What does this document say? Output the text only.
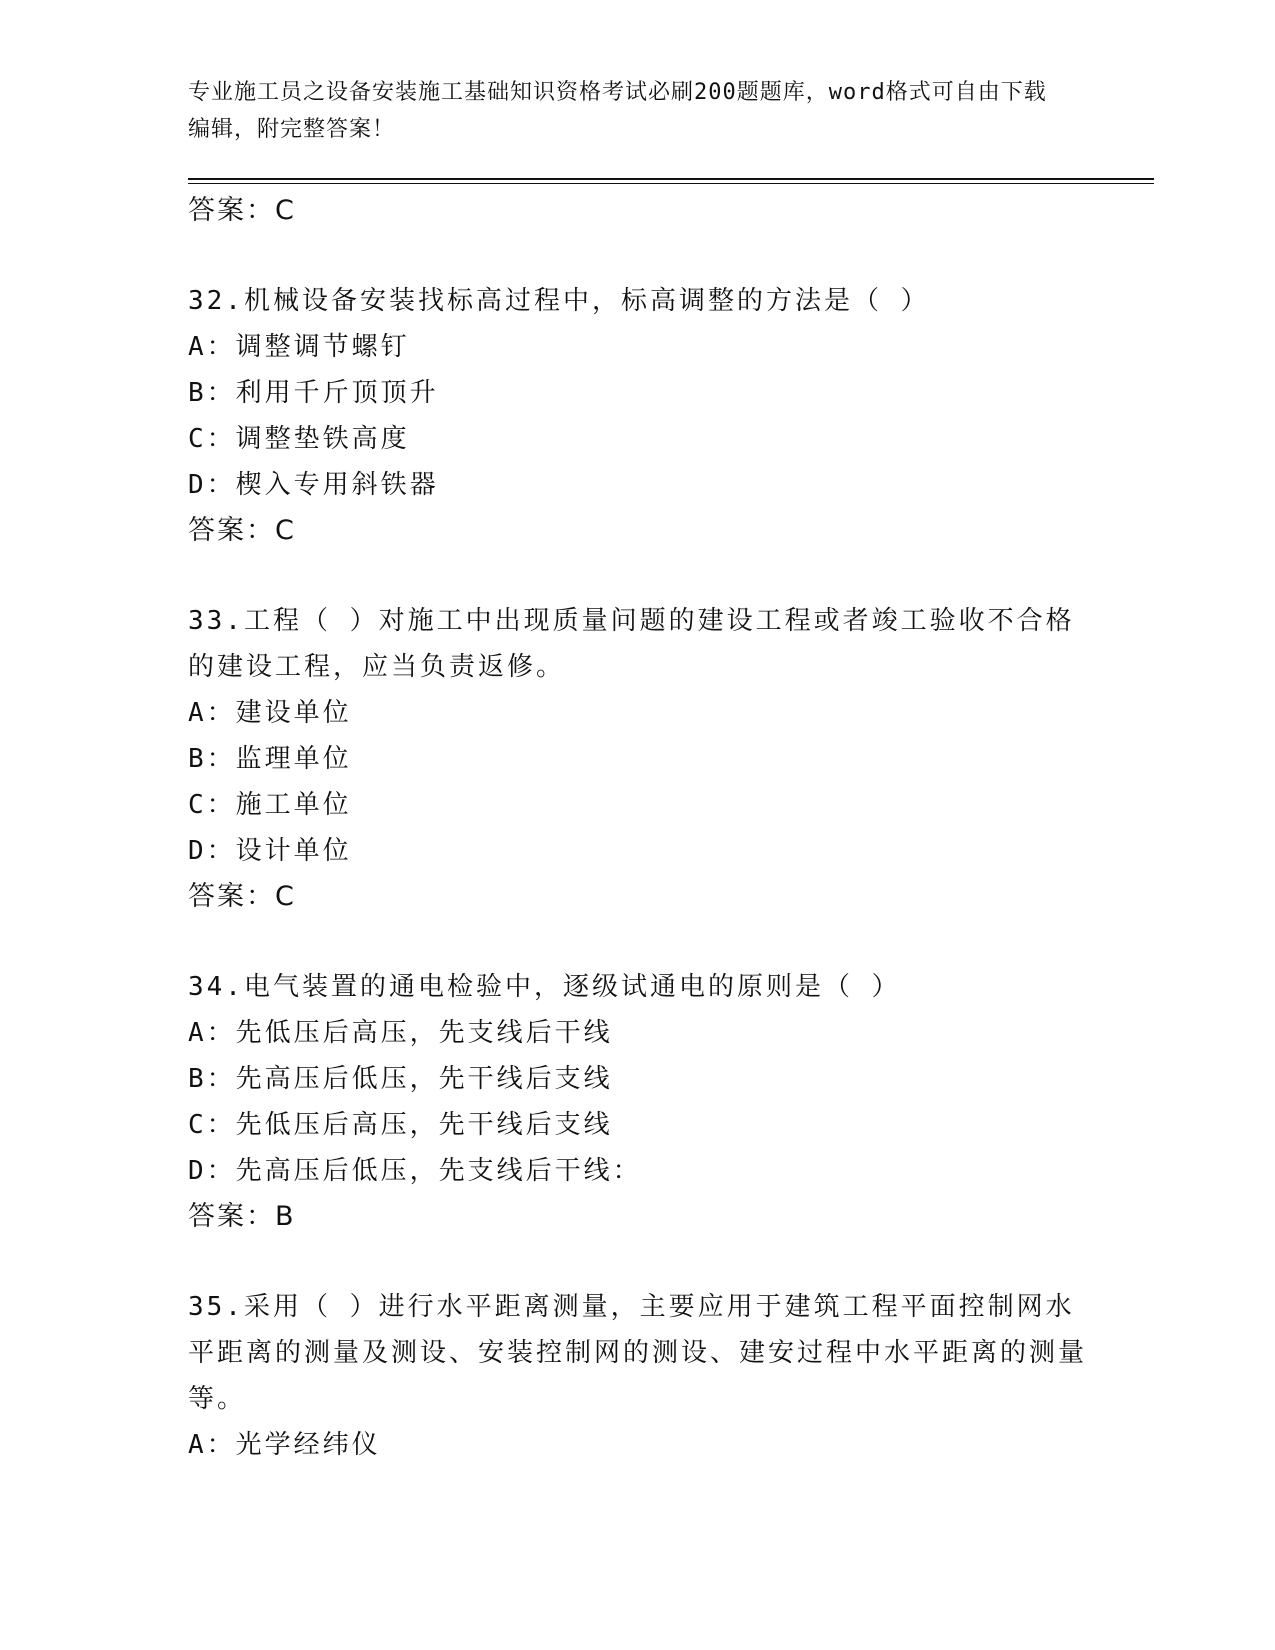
专业施工员之设备安装施工基础知识资格考试必刷200题题库，word格式可自由下载编辑，附完整答案！
答案：C
32.机械设备安装找标高过程中，标高调整的方法是（ ）
A：调整调节螺钉
B：利用千斤顶顶升
C：调整垫铁高度
D：楔入专用斜铁器
答案：C
33.工程（ ）对施工中出现质量问题的建设工程或者竣工验收不合格的建设工程，应当负责返修。
A：建设单位
B：监理单位
C：施工单位
D：设计单位
答案：C
34.电气装置的通电检验中，逐级试通电的原则是（ ）
A：先低压后高压，先支线后干线
B：先高压后低压，先干线后支线
C：先低压后高压，先干线后支线
D：先高压后低压，先支线后干线：
答案：B
35.采用（ ）进行水平距离测量，主要应用于建筑工程平面控制网水平距离的测量及测设、安装控制网的测设、建安过程中水平距离的测量等。
A：光学经纬仪
